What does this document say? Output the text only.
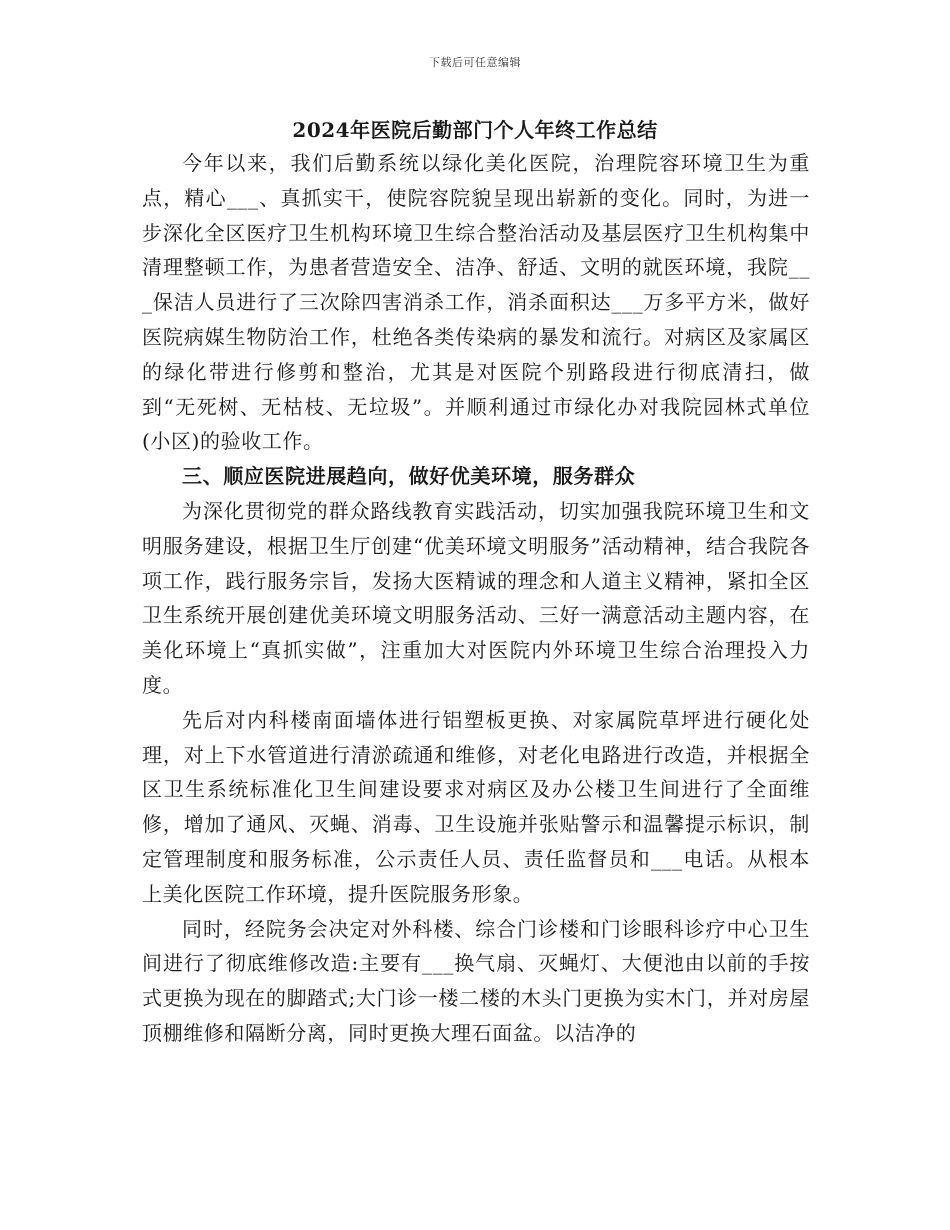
下载后可任意编辑
2024年医院后勤部门个人年终工作总结

今年以来，我们后勤系统以绿化美化医院，治理院容环境卫生为重点，精心___、真抓实干，使院容院貌呈现出崭新的变化。同时，为进一步深化全区医疗卫生机构环境卫生综合整治活动及基层医疗卫生机构集中清理整顿工作，为患者营造安全、洁净、舒适、文明的就医环境，我院___保洁人员进行了三次除四害消杀工作，消杀面积达___万多平方米，做好医院病媒生物防治工作，杜绝各类传染病的暴发和流行。对病区及家属区的绿化带进行修剪和整治，尤其是对医院个别路段进行彻底清扫，做到“无死树、无枯枝、无垃圾”。并顺利通过市绿化办对我院园林式单位(小区)的验收工作。

三、顺应医院进展趋向，做好优美环境，服务群众

为深化贯彻党的群众路线教育实践活动，切实加强我院环境卫生和文明服务建设，根据卫生厅创建“优美环境文明服务”活动精神，结合我院各项工作，践行服务宗旨，发扬大医精诚的理念和人道主义精神，紧扣全区卫生系统开展创建优美环境文明服务活动、三好一满意活动主题内容，在美化环境上“真抓实做”，注重加大对医院内外环境卫生综合治理投入力度。

先后对内科楼南面墙体进行铝塑板更换、对家属院草坪进行硬化处理，对上下水管道进行清淤疏通和维修，对老化电路进行改造，并根据全区卫生系统标准化卫生间建设要求对病区及办公楼卫生间进行了全面维修，增加了通风、灭蝇、消毒、卫生设施并张贴警示和温馨提示标识，制定管理制度和服务标准，公示责任人员、责任监督员和___电话。从根本上美化医院工作环境，提升医院服务形象。

同时，经院务会决定对外科楼、综合门诊楼和门诊眼科诊疗中心卫生间进行了彻底维修改造:主要有___换气扇、灭蝇灯、大便池由以前的手按式更换为现在的脚踏式;大门诊一楼二楼的木头门更换为实木门，并对房屋顶棚维修和隔断分离，同时更换大理石面盆。以洁净的
